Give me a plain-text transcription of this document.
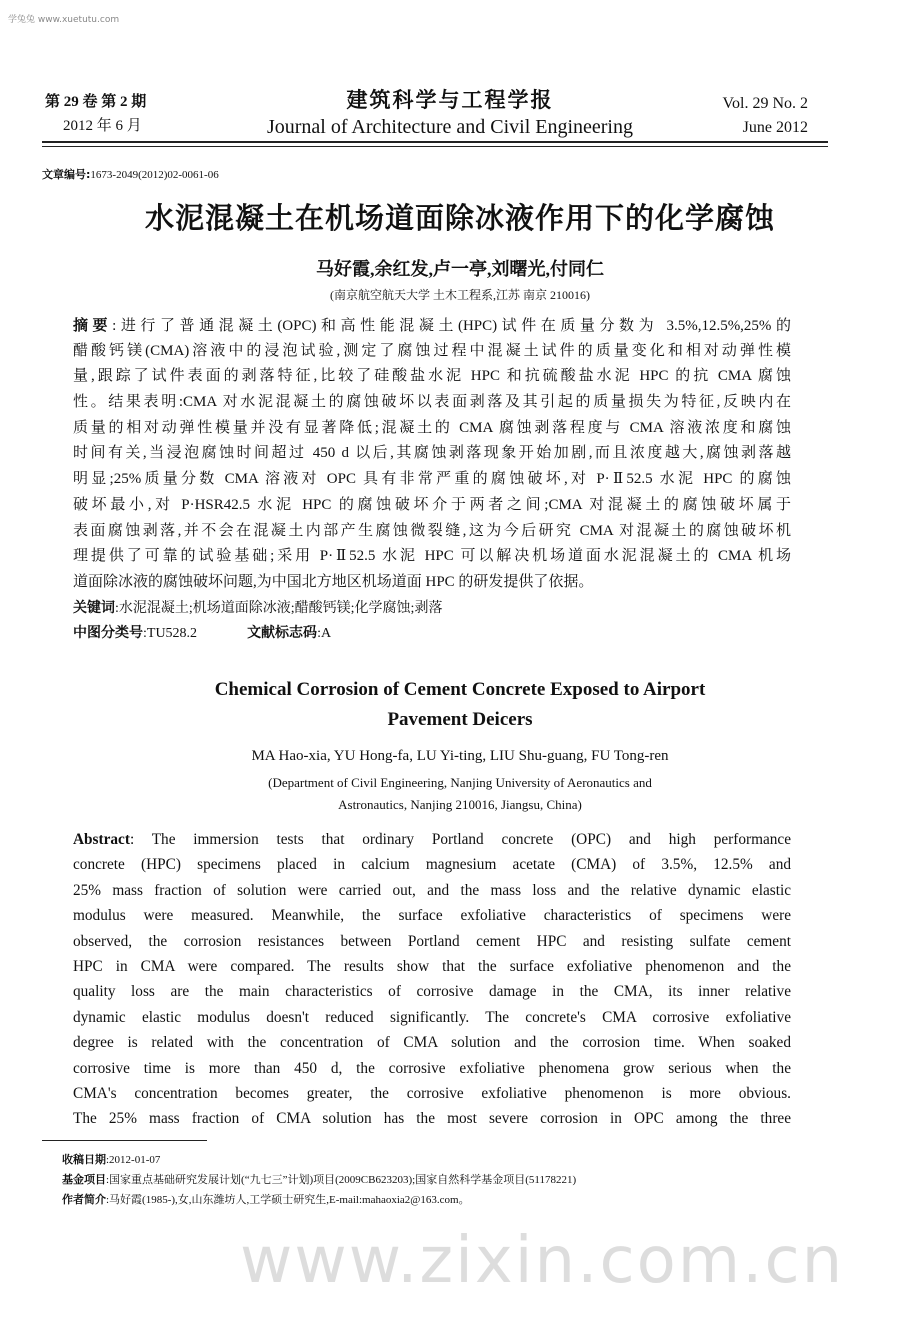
学兔兔 www.xuetutu.com
第 29 卷 第 2 期
2012 年 6 月
建筑科学与工程学报
Journal of Architecture and Civil Engineering
Vol. 29 No. 2
June 2012
文章编号:1673-2049(2012)02-0061-06
水泥混凝土在机场道面除冰液作用下的化学腐蚀
马好霞,余红发,卢一亭,刘曙光,付同仁
(南京航空航天大学 土木工程系,江苏 南京 210016)
摘要:进行了普通混凝土(OPC)和高性能混凝土(HPC)试件在质量分数为 3.5%,12.5%,25%的
醋酸钙镁(CMA)溶液中的浸泡试验,测定了腐蚀过程中混凝土试件的质量变化和相对动弹性模
量,跟踪了试件表面的剥落特征,比较了硅酸盐水泥 HPC 和抗硫酸盐水泥 HPC 的抗 CMA 腐蚀
性。结果表明:CMA 对水泥混凝土的腐蚀破坏以表面剥落及其引起的质量损失为特征,反映内在
质量的相对动弹性模量并没有显著降低;混凝土的 CMA 腐蚀剥落程度与 CMA 溶液浓度和腐蚀
时间有关,当浸泡腐蚀时间超过 450 d 以后,其腐蚀剥落现象开始加剧,而且浓度越大,腐蚀剥落越
明显;25%质量分数 CMA 溶液对 OPC 具有非常严重的腐蚀破坏,对 P·Ⅱ52.5 水泥 HPC 的腐蚀
破坏最小,对 P·HSR42.5 水泥 HPC 的腐蚀破坏介于两者之间;CMA 对混凝土的腐蚀破坏属于
表面腐蚀剥落,并不会在混凝土内部产生腐蚀微裂缝,这为今后研究 CMA 对混凝土的腐蚀破坏机
理提供了可靠的试验基础;采用 P·Ⅱ52.5 水泥 HPC 可以解决机场道面水泥混凝土的 CMA 机场
道面除冰液的腐蚀破坏问题,为中国北方地区机场道面 HPC 的研发提供了依据。
关键词:水泥混凝土;机场道面除冰液;醋酸钙镁;化学腐蚀;剥落
中图分类号:TU528.2	文献标志码:A
Chemical Corrosion of Cement Concrete Exposed to Airport
Pavement Deicers
MA Hao-xia, YU Hong-fa, LU Yi-ting, LIU Shu-guang, FU Tong-ren
(Department of Civil Engineering, Nanjing University of Aeronautics and
Astronautics, Nanjing 210016, Jiangsu, China)
Abstract: The immersion tests that ordinary Portland concrete (OPC) and high performance
concrete (HPC) specimens placed in calcium magnesium acetate (CMA) of 3.5%, 12.5% and
25% mass fraction of solution were carried out, and the mass loss and the relative dynamic elastic
modulus were measured. Meanwhile, the surface exfoliative characteristics of specimens were
observed, the corrosion resistances between Portland cement HPC and resisting sulfate cement
HPC in CMA were compared. The results show that the surface exfoliative phenomenon and the
quality loss are the main characteristics of corrosive damage in the CMA, its inner relative
dynamic elastic modulus doesn't reduced significantly. The concrete's CMA corrosive exfoliative
degree is related with the concentration of CMA solution and the corrosion time. When soaked
corrosive time is more than 450 d, the corrosive exfoliative phenomena grow serious when the
CMA's concentration becomes greater, the corrosive exfoliative phenomenon is more obvious.
The 25% mass fraction of CMA solution has the most severe corrosion in OPC among the three
收稿日期:2012-01-07
基金项目:国家重点基础研究发展计划(“九七三”计划)项目(2009CB623203);国家自然科学基金项目(51178221)
作者简介:马好霞(1985-),女,山东潍坊人,工学硕士研究生,E-mail:mahaoxia2@163.com。
www.zixin.com.cn
